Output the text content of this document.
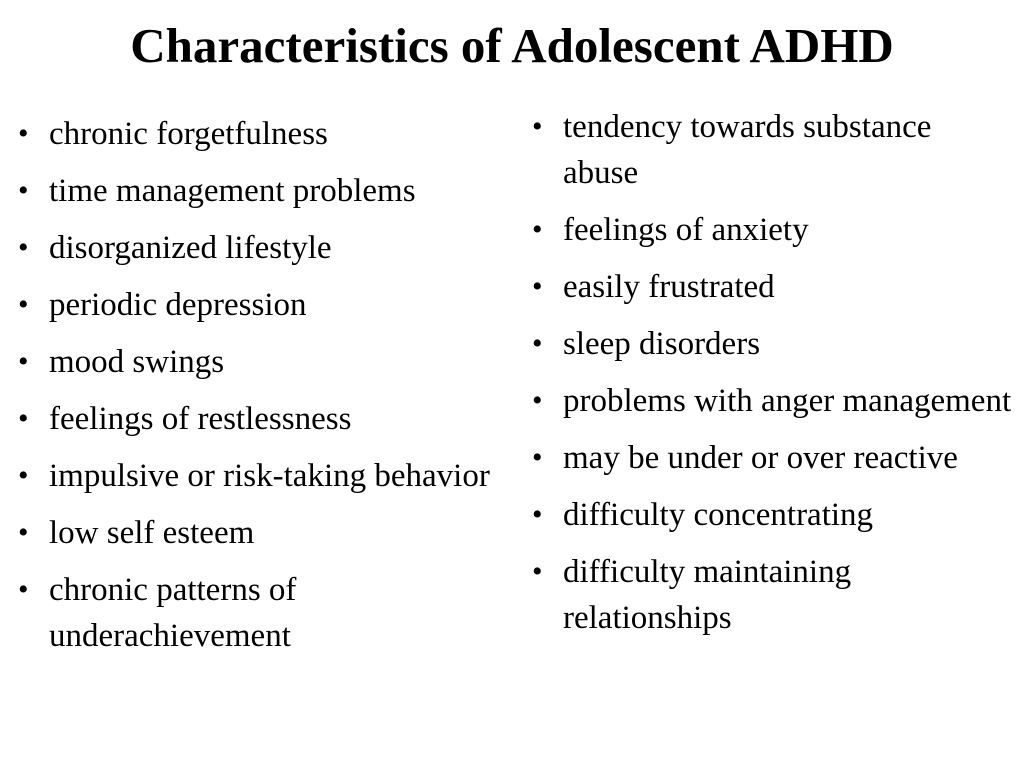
Characteristics of Adolescent ADHD
• chronic forgetfulness
• time management problems
• disorganized lifestyle
• periodic depression
• mood swings
• feelings of restlessness
• impulsive or risk-taking behavior
• low self esteem
• chronic patterns of underachievement
• tendency towards substance abuse
• feelings of anxiety
• easily frustrated
• sleep disorders
• problems with anger management
• may be under or over reactive
• difficulty concentrating
• difficulty maintaining relationships
